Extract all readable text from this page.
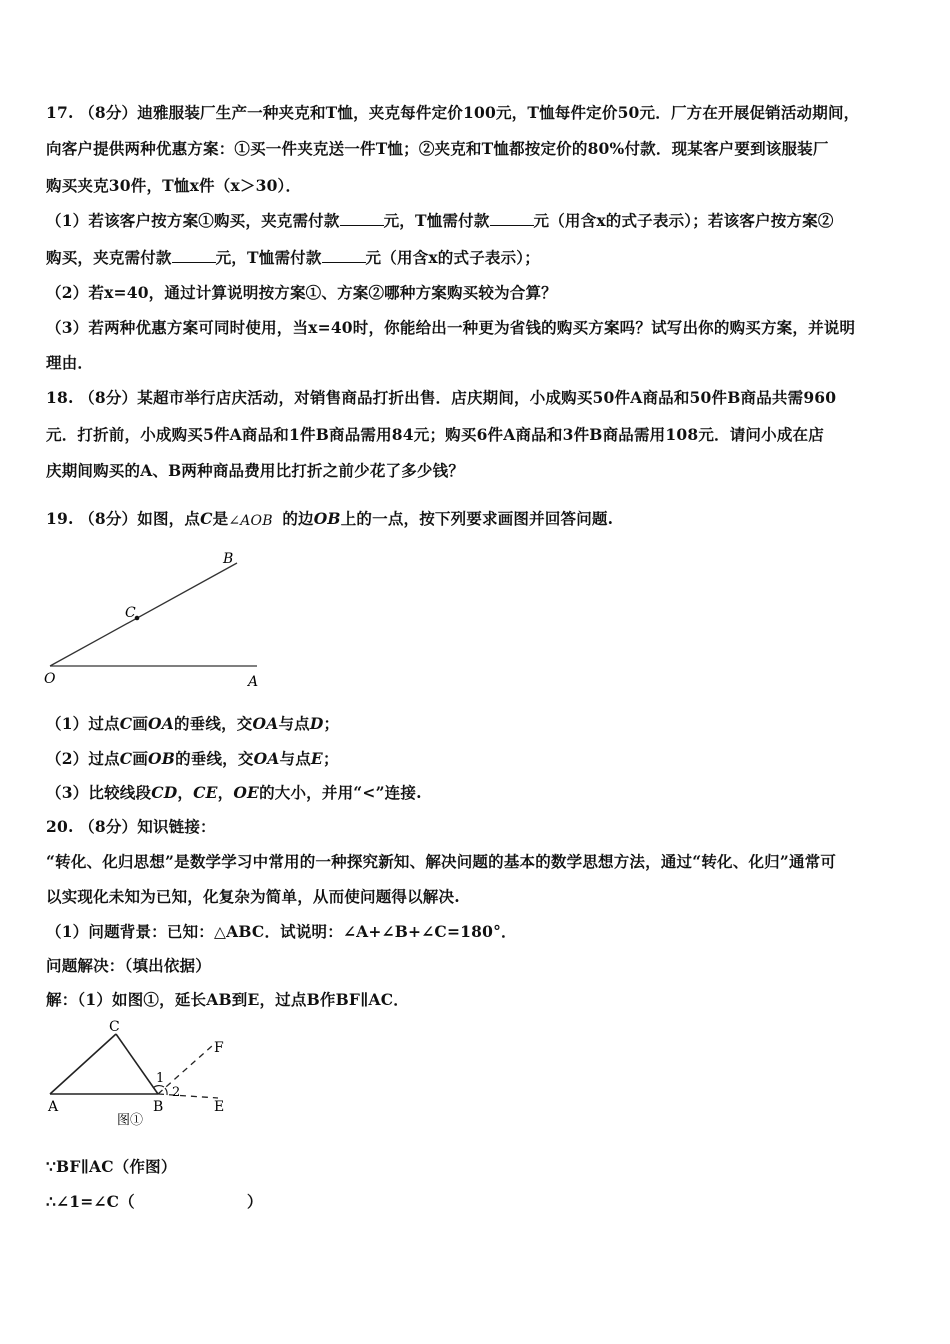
17. （8分）迪雅服装厂生产一种夹克和T恤，夹克每件定价100元，T恤每件定价50元．厂方在开展促销活动期间，
向客户提供两种优惠方案：①买一件夹克送一件T恤；②夹克和T恤都按定价的80%付款．现某客户要到该服装厂
购买夹克30件，T恤x件（x＞30）．
（1）若该客户按方案①购买，夹克需付款	元，T恤需付款	元（用含x的式子表示）；若该客户按方案②
购买，夹克需付款	元，T恤需付款	元（用含x的式子表示）；
（2）若x=40，通过计算说明按方案①、方案②哪种方案购买较为合算？
（3）若两种优惠方案可同时使用，当x=40时，你能给出一种更为省钱的购买方案吗？试写出你的购买方案，并说明
理由．
18. （8分）某超市举行店庆活动，对销售商品打折出售．店庆期间，小成购买50件A商品和50件B商品共需960
元．打折前，小成购买5件A商品和1件B商品需用84元；购买6件A商品和3件B商品需用108元．请问小成在店
庆期间购买的A、B两种商品费用比打折之前少花了多少钱？
19. （8分）如图，点C是 ∠AOB 的边OB上的一点，按下列要求画图并回答问题.
O	A
B
C
（1）过点C画OA的垂线，交OA与点D；
（2）过点C画OB的垂线，交OA与点E；
（3）比较线段CD，CE，OE的大小，并用“<”连接.
20. （8分）知识链接：
“转化、化归思想”是数学学习中常用的一种探究新知、解决问题的基本的数学思想方法，通过“转化、化归”通常可
以实现化未知为已知，化复杂为简单，从而使问题得以解决.
（1）问题背景：已知：△ABC．试说明：∠A+∠B+∠C=180°．
问题解决：（填出依据）
解：（1）如图①，延长AB到E，过点B作BF∥AC．
C
A	B	E
F
1
2
图①
∵BF∥AC（作图）
∴∠1=∠C（	）
